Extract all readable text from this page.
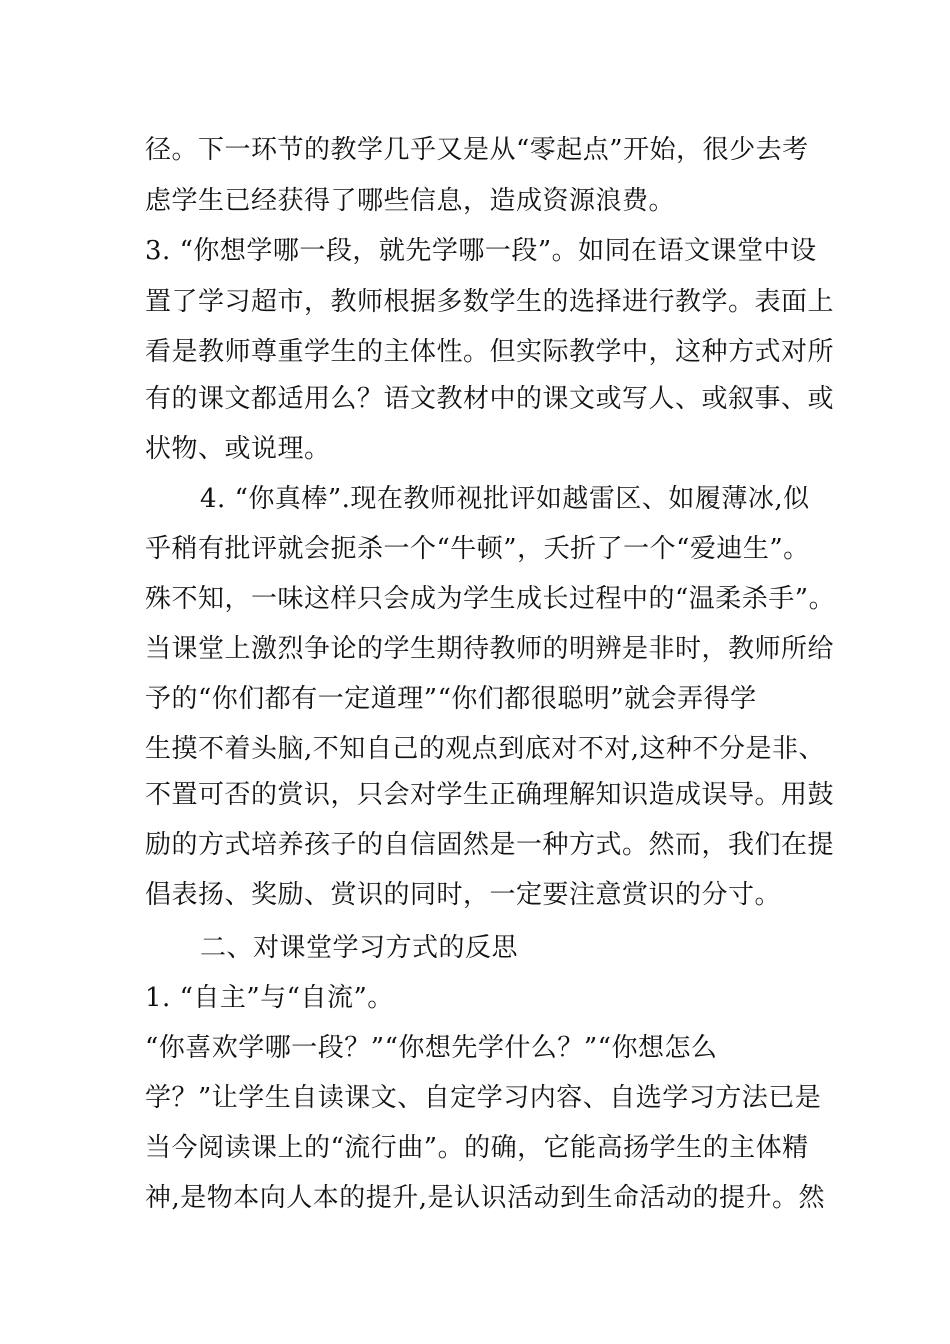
径。下一环节的教学几乎又是从“零起点”开始，很少去考
虑学生已经获得了哪些信息，造成资源浪费。
3. “你想学哪一段，就先学哪一段”。如同在语文课堂中设
置了学习超市，教师根据多数学生的选择进行教学。表面上
看是教师尊重学生的主体性。但实际教学中，这种方式对所
有的课文都适用么？语文教材中的课文或写人、或叙事、或
状物、或说理。
4. “你真棒”.现在教师视批评如越雷区、如履薄冰,似
乎稍有批评就会扼杀一个“牛顿”，夭折了一个“爱迪生”。
殊不知，一味这样只会成为学生成长过程中的“温柔杀手”。
当课堂上激烈争论的学生期待教师的明辨是非时，教师所给
予的“你们都有一定道理”“你们都很聪明”就会弄得学
生摸不着头脑,不知自己的观点到底对不对,这种不分是非、
不置可否的赏识，只会对学生正确理解知识造成误导。用鼓
励的方式培养孩子的自信固然是一种方式。然而，我们在提
倡表扬、奖励、赏识的同时，一定要注意赏识的分寸。
二、对课堂学习方式的反思
1. “自主”与“自流”。
“你喜欢学哪一段？”“你想先学什么？”“你想怎么
学？”让学生自读课文、自定学习内容、自选学习方法已是
当今阅读课上的“流行曲”。的确，它能高扬学生的主体精
神,是物本向人本的提升,是认识活动到生命活动的提升。然
